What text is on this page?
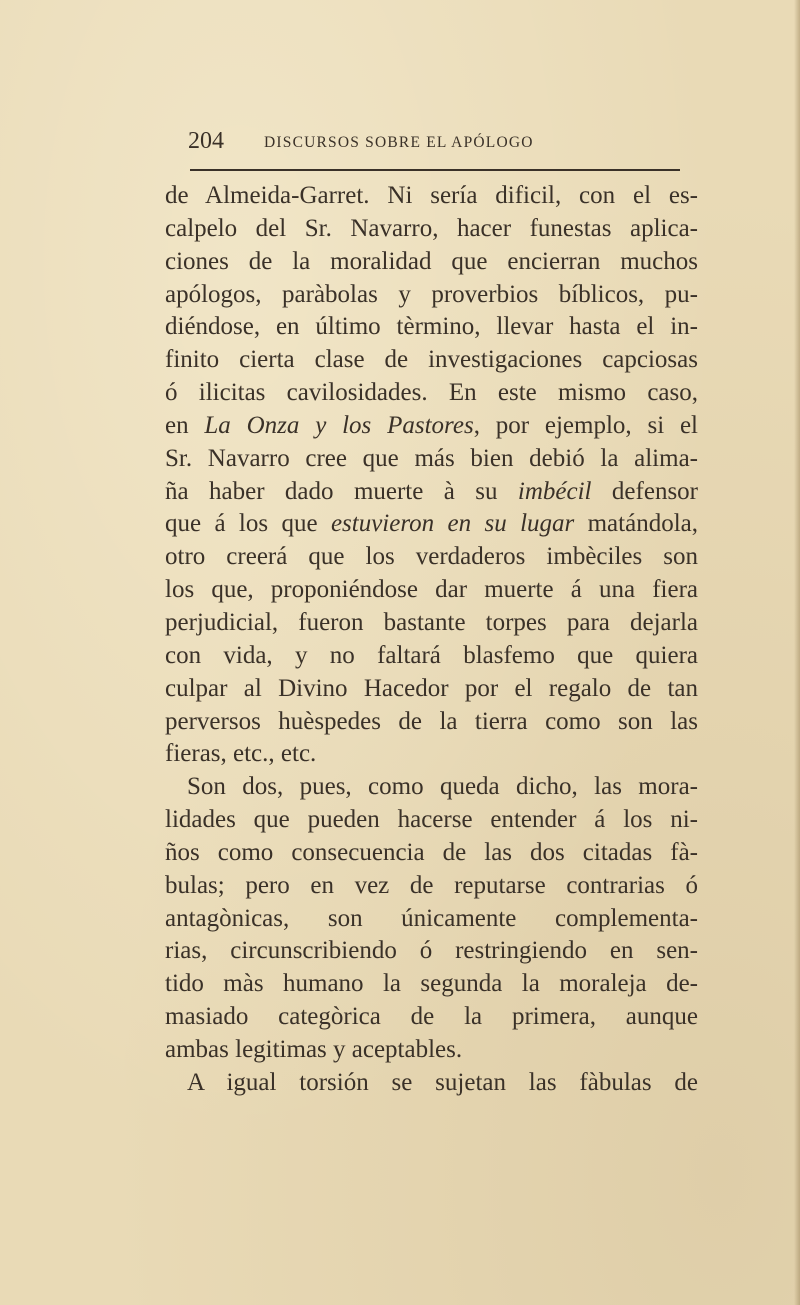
204	DISCURSOS SOBRE EL APÓLOGO
de Almeida-Garret. Ni sería dificil, con el es-
calpelo del Sr. Navarro, hacer funestas aplica-
ciones de la moralidad que encierran muchos
apólogos, paràbolas y proverbios bíblicos, pu-
diéndose, en último tèrmino, llevar hasta el in-
finito cierta clase de investigaciones capciosas
ó ilicitas cavilosidades. En este mismo caso,
en La Onza y los Pastores, por ejemplo, si el
Sr. Navarro cree que más bien debió la alima-
ña haber dado muerte à su imbécil defensor
que á los que estuvieron en su lugar matándola,
otro creerá que los verdaderos imbèciles son
los que, proponiéndose dar muerte á una fiera
perjudicial, fueron bastante torpes para dejarla
con vida, y no faltará blasfemo que quiera
culpar al Divino Hacedor por el regalo de tan
perversos huèspedes de la tierra como son las
fieras, etc., etc.
Son dos, pues, como queda dicho, las mora-
lidades que pueden hacerse entender á los ni-
ños como consecuencia de las dos citadas fà-
bulas; pero en vez de reputarse contrarias ó
antagònicas, son únicamente complementa-
rias, circunscribiendo ó restringiendo en sen-
tido màs humano la segunda la moraleja de-
masiado categòrica de la primera, aunque
ambas legitimas y aceptables.
A igual torsión se sujetan las fàbulas de
